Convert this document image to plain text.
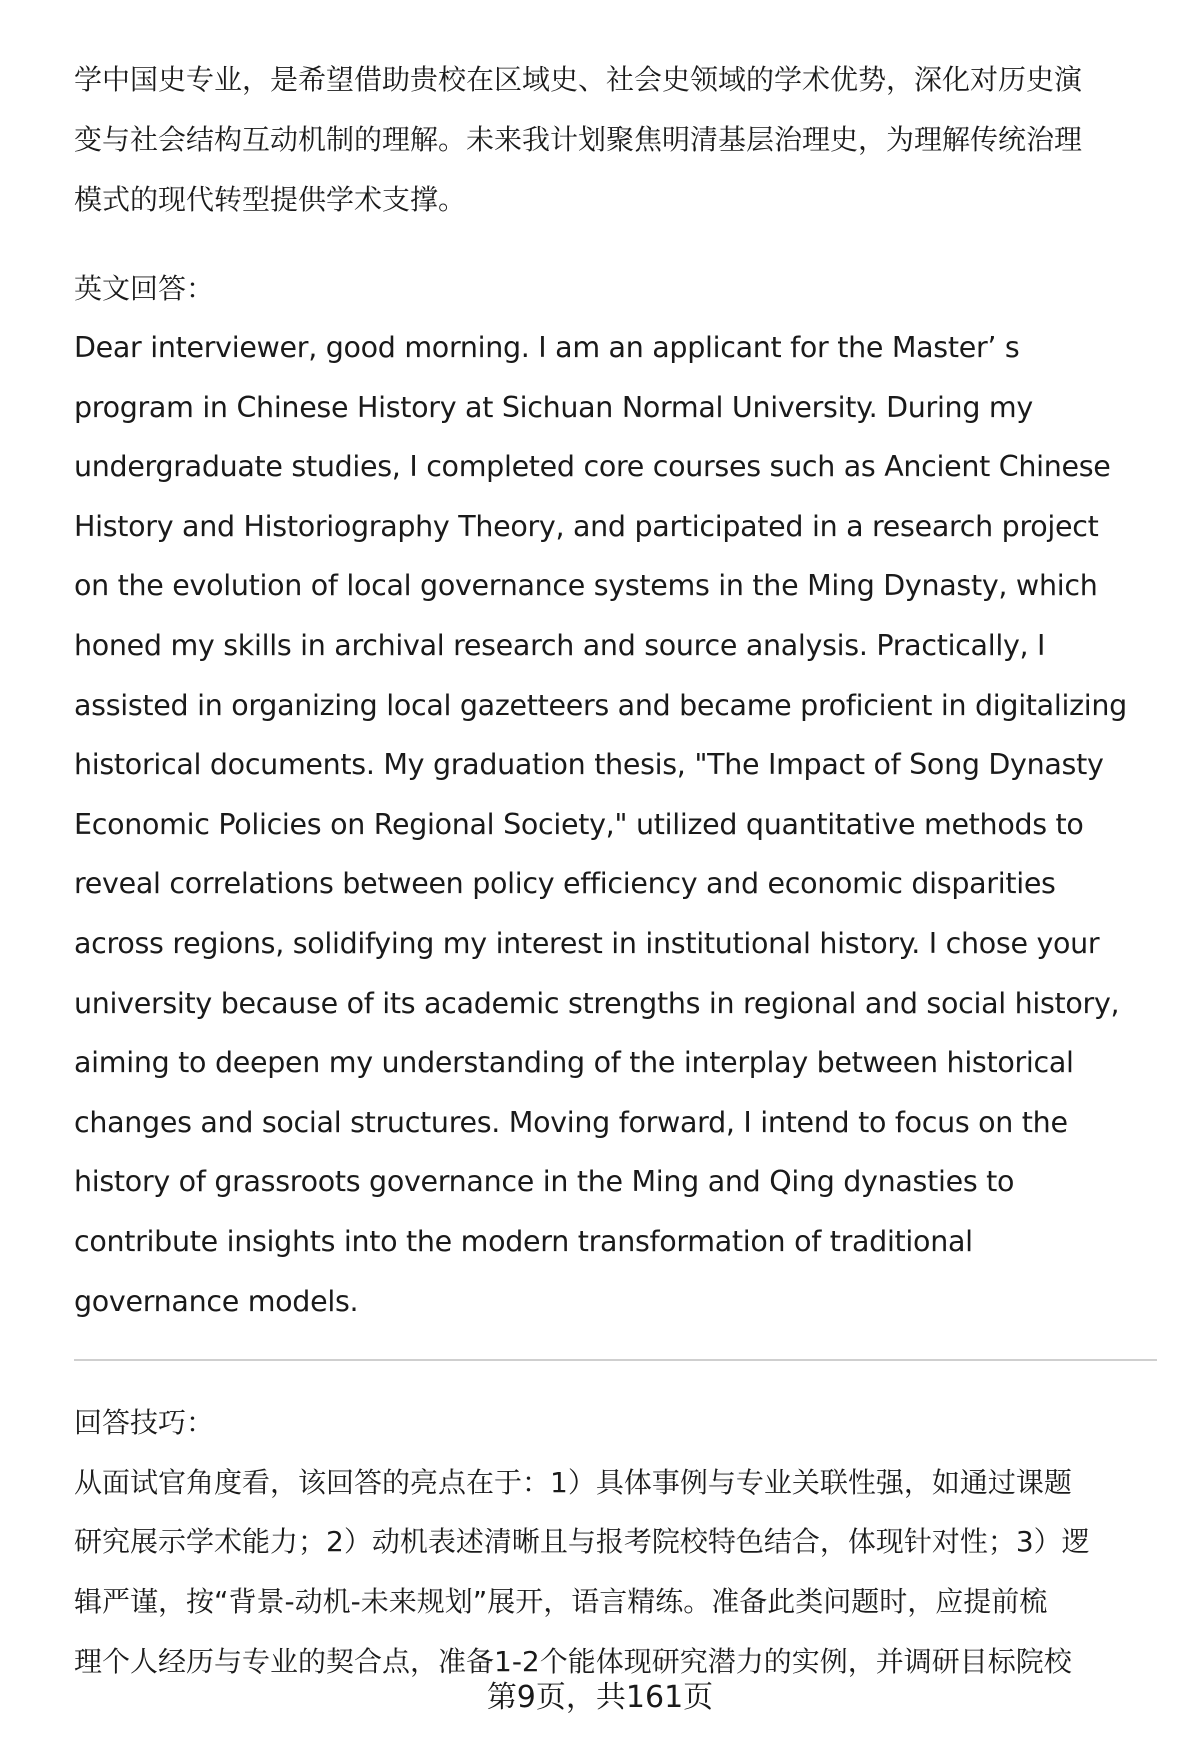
学中国史专业，是希望借助贵校在区域史、社会史领域的学术优势，深化对历史演
变与社会结构互动机制的理解。未来我计划聚焦明清基层治理史，为理解传统治理
模式的现代转型提供学术支撑。
英文回答：
Dear interviewer, good morning. I am an applicant for the Master’ s
program in Chinese History at Sichuan Normal University. During my
undergraduate studies, I completed core courses such as Ancient Chinese
History and Historiography Theory, and participated in a research project
on the evolution of local governance systems in the Ming Dynasty, which
honed my skills in archival research and source analysis. Practically, I
assisted in organizing local gazetteers and became proficient in digitalizing
historical documents. My graduation thesis, "The Impact of Song Dynasty
Economic Policies on Regional Society," utilized quantitative methods to
reveal correlations between policy efficiency and economic disparities
across regions, solidifying my interest in institutional history. I chose your
university because of its academic strengths in regional and social history,
aiming to deepen my understanding of the interplay between historical
changes and social structures. Moving forward, I intend to focus on the
history of grassroots governance in the Ming and Qing dynasties to
contribute insights into the modern transformation of traditional
governance models.
回答技巧：
从面试官角度看，该回答的亮点在于：1）具体事例与专业关联性强，如通过课题
研究展示学术能力；2）动机表述清晰且与报考院校特色结合，体现针对性；3）逻
辑严谨，按“背景-动机-未来规划”展开，语言精练。准备此类问题时，应提前梳
理个人经历与专业的契合点，准备1-2个能体现研究潜力的实例，并调研目标院校
第9页，共161页
